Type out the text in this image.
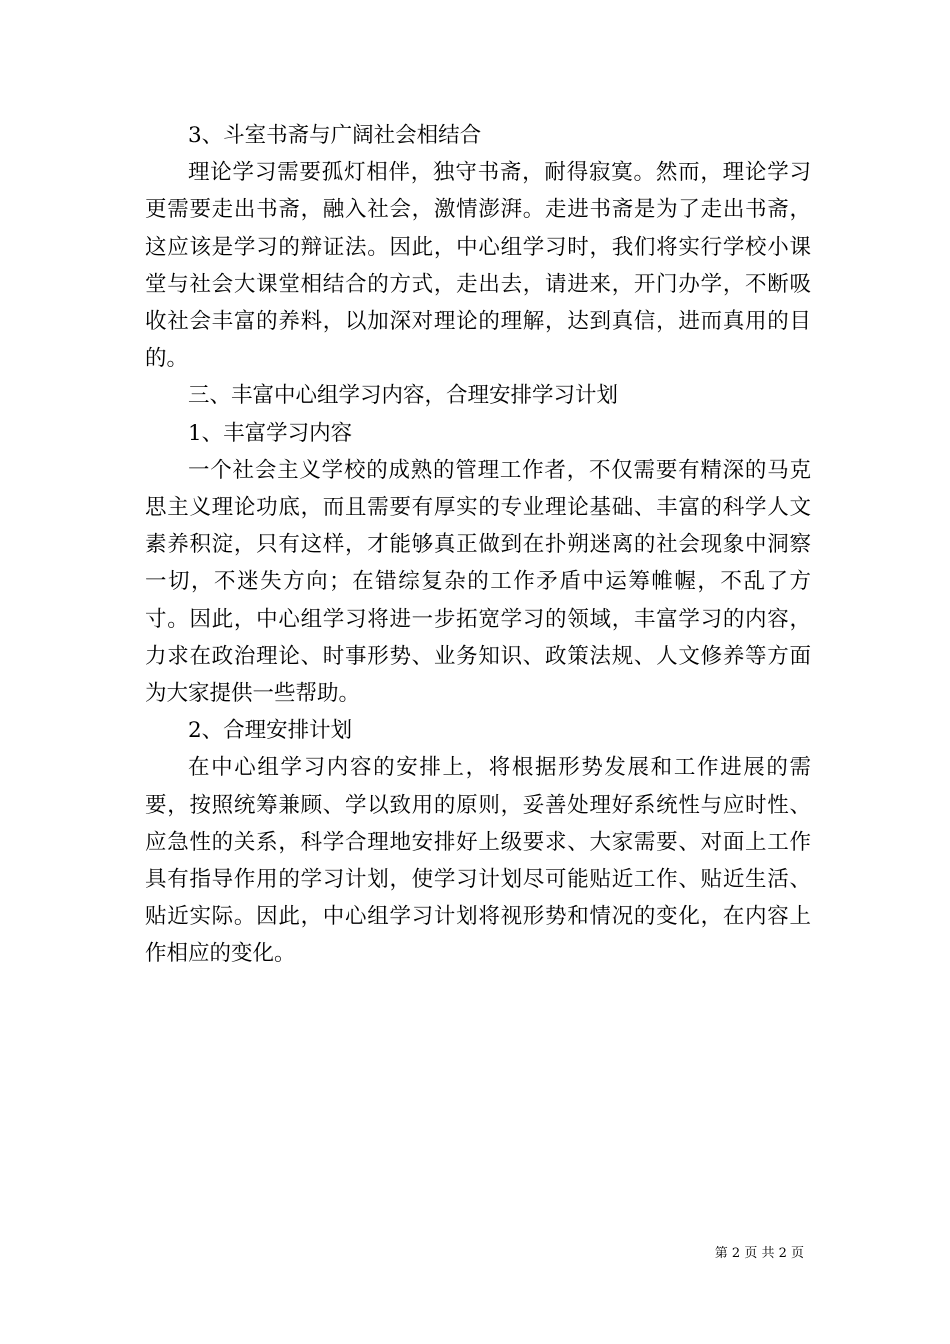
3、斗室书斋与广阔社会相结合

理论学习需要孤灯相伴，独守书斋，耐得寂寞。然而，理论学习更需要走出书斋，融入社会，激情澎湃。走进书斋是为了走出书斋，这应该是学习的辩证法。因此，中心组学习时，我们将实行学校小课堂与社会大课堂相结合的方式，走出去，请进来，开门办学，不断吸收社会丰富的养料，以加深对理论的理解，达到真信，进而真用的目的。

三、丰富中心组学习内容，合理安排学习计划

1、丰富学习内容

一个社会主义学校的成熟的管理工作者，不仅需要有精深的马克思主义理论功底，而且需要有厚实的专业理论基础、丰富的科学人文素养积淀，只有这样，才能够真正做到在扑朔迷离的社会现象中洞察一切，不迷失方向；在错综复杂的工作矛盾中运筹帷幄，不乱了方寸。因此，中心组学习将进一步拓宽学习的领域，丰富学习的内容，力求在政治理论、时事形势、业务知识、政策法规、人文修养等方面为大家提供一些帮助。

2、合理安排计划

在中心组学习内容的安排上，将根据形势发展和工作进展的需要，按照统筹兼顾、学以致用的原则，妥善处理好系统性与应时性、应急性的关系，科学合理地安排好上级要求、大家需要、对面上工作具有指导作用的学习计划，使学习计划尽可能贴近工作、贴近生活、贴近实际。因此，中心组学习计划将视形势和情况的变化，在内容上作相应的变化。

第 2 页 共 2 页
